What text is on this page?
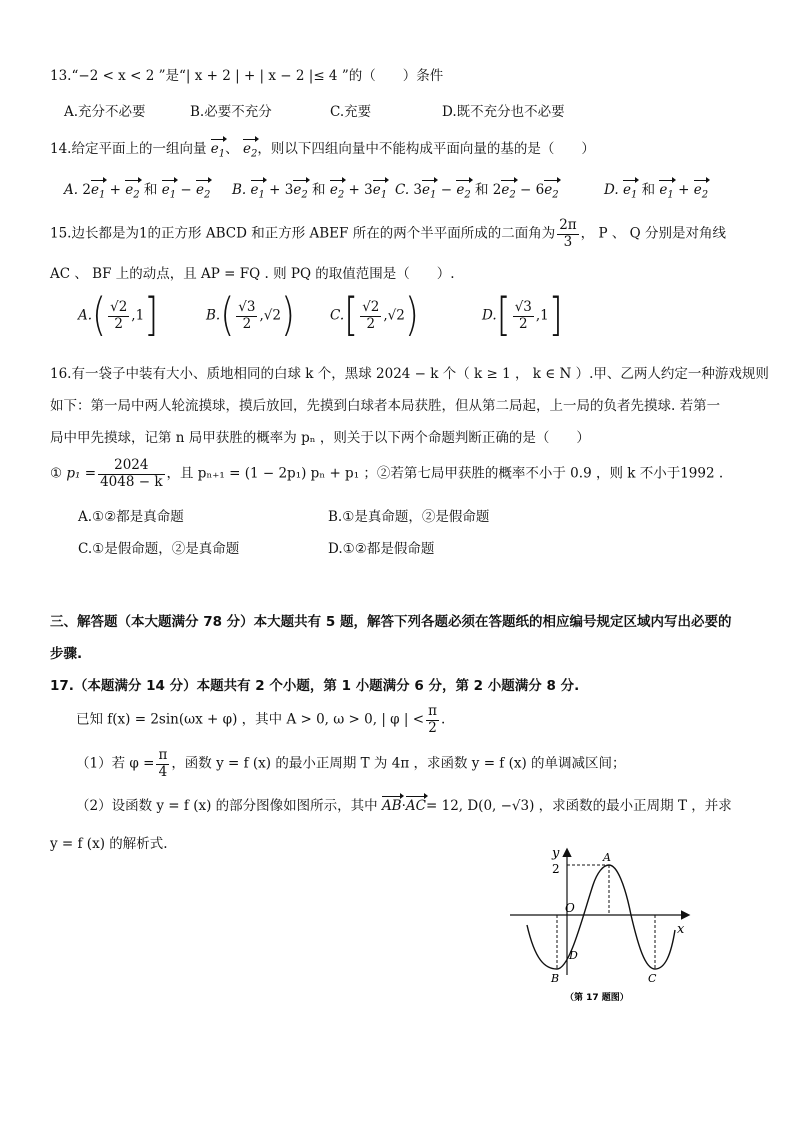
13.“−2 < x < 2 ”是“| x + 2 | + | x − 2 |≤ 4 ”的（　　）条件
A.充分不必要	B.必要不充分	C.充要	D.既不充分也不必要
14.给定平面上的一组向量 $e_1$、 $e_2$，则以下四组向量中不能构成平面向量的基的是（　　）
A. $2e_1 + e_2$ 和 $e_1 - e_2$ B. $e_1 + 3e_2$ 和 $e_2 + 3e_1$ C. $3e_1 - e_2$ 和 $2e_2 - 6e_2$	D. $e_1$ 和 $e_1 + e_2$
15.边长都是为1的正方形 ABCD 和正方形 ABEF 所在的两个半平面所成的二面角为 $\frac{2\pi}{3}$ ， P 、 Q 分别是对角线
AC 、 BF 上的动点，且 AP = FQ . 则 PQ 的取值范围是（　　）.
$A.( \frac{√2}{2} ,1]$	$B.( \frac{√3}{2} ,√2)$	$C.[ \frac{√2}{2} ,√2)$	$D.[ \frac{√3}{2} ,1]$
16.有一袋子中装有大小、质地相同的白球 k 个，黑球 2024 − k 个（ k ≥ 1 ， k ∈ N ）.甲、乙两人约定一种游戏规则
如下：第一局中两人轮流摸球，摸后放回，先摸到白球者本局获胜，但从第二局起，上一局的负者先摸球. 若第一
局中甲先摸球，记第 n 局甲获胜的概率为 pₙ ，则关于以下两个命题判断正确的是（　　）
① $p_1 = \frac{2024}{4048 - k}$ ，且 pₙ₊₁ = (1 − 2p₁) pₙ + p₁ ；②若第七局甲获胜的概率不小于 0.9 ，则 k 不小于1992 .
A.①②都是真命题	B.①是真命题，②是假命题
C.①是假命题，②是真命题	D.①②都是假命题
三、解答题（本大题满分 78 分）本大题共有 5 题，解答下列各题必须在答题纸的相应编号规定区域内写出必要的
步骤.
17.（本题满分 14 分）本题共有 2 个小题，第 1 小题满分 6 分，第 2 小题满分 8 分.
已知 f(x) = 2sin(ωx + φ) ，其中 A > 0, ω > 0, | φ | < $\frac{\pi}{2}$ .
（1）若 $\varphi = \frac{\pi}{4}$ ，函数 y = f (x) 的最小正周期 T 为 4π ，求函数 y = f (x) 的单调减区间；
（2）设函数 y = f (x) 的部分图像如图所示，其中 AB·AC= 12, D(0, −√3) ，求函数的最小正周期 T ，并求
y = f (x) 的解析式.
y
x
2
A
O
B
D
C
（第 17 题图）
